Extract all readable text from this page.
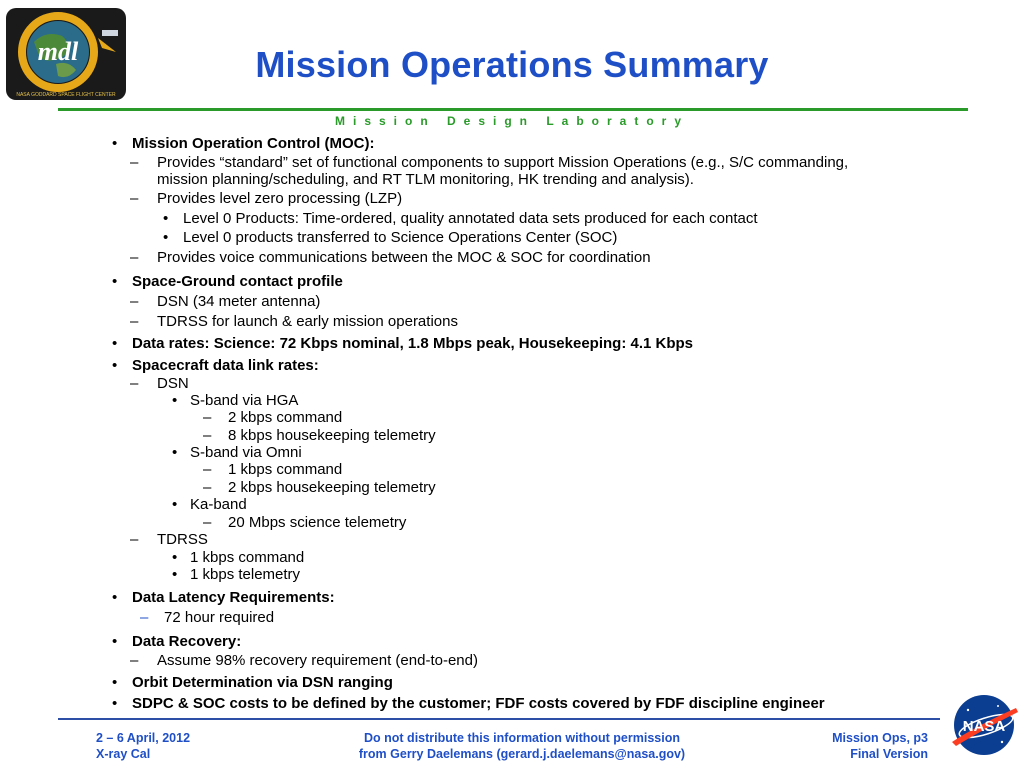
mdl
NASA GODDARD SPACE FLIGHT CENTER
Mission Operations Summary
Mission Design Laboratory
• Mission Operation Control (MOC):
– Provides “standard” set of functional components to support Mission Operations (e.g., S/C commanding,
mission planning/scheduling, and RT TLM monitoring, HK trending and analysis).
– Provides level zero processing (LZP)
• Level 0 Products: Time-ordered, quality annotated data sets produced for each contact
• Level 0 products transferred to Science Operations Center (SOC)
– Provides voice communications between the MOC & SOC for coordination
• Space-Ground contact profile
– DSN (34 meter antenna)
– TDRSS for launch & early mission operations
• Data rates: Science: 72 Kbps nominal, 1.8 Mbps peak, Housekeeping: 4.1 Kbps
• Spacecraft data link rates:
– DSN
• S-band via HGA
– 2 kbps command
– 8 kbps housekeeping telemetry
• S-band via Omni
– 1 kbps command
– 2 kbps housekeeping telemetry
• Ka-band
– 20 Mbps science telemetry
– TDRSS
• 1 kbps command
• 1 kbps telemetry
• Data Latency Requirements:
– 72 hour required
• Data Recovery:
– Assume 98% recovery requirement (end-to-end)
• Orbit Determination via DSN ranging
• SDPC & SOC costs to be defined by the customer; FDF costs covered by FDF discipline engineer
2 – 6 April, 2012
X-ray Cal
Do not distribute this information without permission
from Gerry Daelemans (gerard.j.daelemans@nasa.gov)
Mission Ops, p3
Final Version
NASA
